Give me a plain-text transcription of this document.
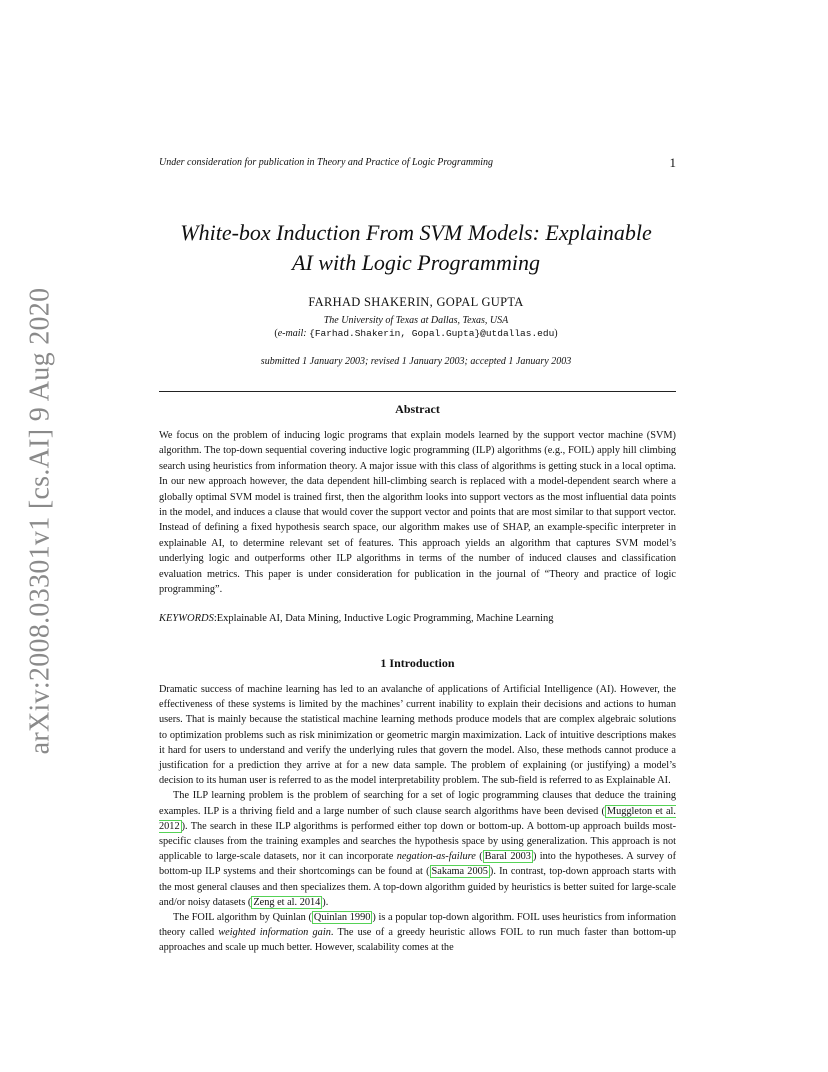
arXiv:2008.03301v1 [cs.AI] 9 Aug 2020
Under consideration for publication in Theory and Practice of Logic Programming	1
White-box Induction From SVM Models: Explainable
AI with Logic Programming
FARHAD SHAKERIN, GOPAL GUPTA
The University of Texas at Dallas, Texas, USA
(e-mail: {Farhad.Shakerin, Gopal.Gupta}@utdallas.edu)
submitted 1 January 2003; revised 1 January 2003; accepted 1 January 2003
Abstract
We focus on the problem of inducing logic programs that explain models learned by the support vector machine (SVM) algorithm. The top-down sequential covering inductive logic programming (ILP) algorithms (e.g., FOIL) apply hill climbing search using heuristics from information theory. A major issue with this class of algorithms is getting stuck in a local optima. In our new approach however, the data dependent hill-climbing search is replaced with a model-dependent search where a globally optimal SVM model is trained first, then the algorithm looks into support vectors as the most influential data points in the model, and induces a clause that would cover the support vector and points that are most similar to that support vector. Instead of defining a fixed hypothesis search space, our algorithm makes use of SHAP, an example-specific interpreter in explainable AI, to determine relevant set of features. This approach yields an algorithm that captures SVM model’s underlying logic and outperforms other ILP algorithms in terms of the number of induced clauses and classification evaluation metrics. This paper is under consideration for publication in the journal of “Theory and practice of logic programming”.
KEYWORDS:Explainable AI, Data Mining, Inductive Logic Programming, Machine Learning
1 Introduction

Dramatic success of machine learning has led to an avalanche of applications of Artificial Intelligence (AI). However, the effectiveness of these systems is limited by the machines’ current inability to explain their decisions and actions to human users. That is mainly because the statistical machine learning methods produce models that are complex algebraic solutions to optimization problems such as risk minimization or geometric margin maximization. Lack of intuitive descriptions makes it hard for users to understand and verify the underlying rules that govern the model. Also, these methods cannot produce a justification for a prediction they arrive at for a new data sample. The problem of explaining (or justifying) a model’s decision to its human user is referred to as the model interpretability problem. The sub-field is referred to as Explainable AI.

The ILP learning problem is the problem of searching for a set of logic programming clauses that deduce the training examples. ILP is a thriving field and a large number of such clause search algorithms have been devised ( Muggleton et al. 2012 ). The search in these ILP algorithms is performed either top down or bottom-up. A bottom-up approach builds most-specific clauses from the training examples and searches the hypothesis space by using generalization. This approach is not applicable to large-scale datasets, nor it can incorporate negation-as-failure ( Baral 2003 ) into the hypotheses. A survey of bottom-up ILP systems and their shortcomings can be found at ( Sakama 2005 ). In contrast, top-down approach starts with the most general clauses and then specializes them. A top-down algorithm guided by heuristics is better suited for large-scale and/or noisy datasets ( Zeng et al. 2014 ).

The FOIL algorithm by Quinlan ( Quinlan 1990 ) is a popular top-down algorithm. FOIL uses heuristics from information theory called weighted information gain. The use of a greedy heuristic allows FOIL to run much faster than bottom-up approaches and scale up much better. However, scalability comes at the
